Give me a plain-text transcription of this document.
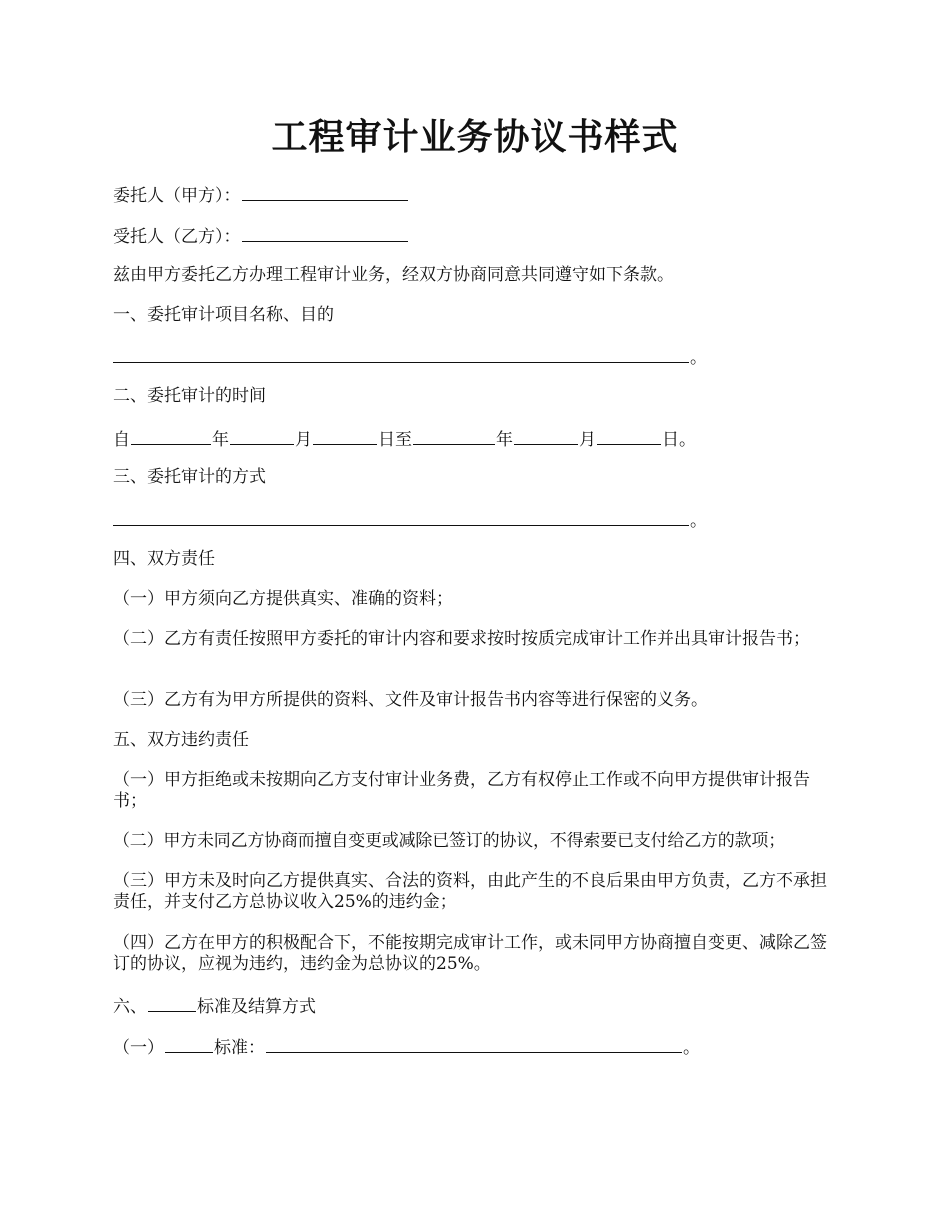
工程审计业务协议书样式
委托人（甲方）：
受托人（乙方）：
兹由甲方委托乙方办理工程审计业务，经双方协商同意共同遵守如下条款。
一、委托审计项目名称、目的
。
二、委托审计的时间
自	年	月	日至	年	月	日。
三、委托审计的方式
。
四、双方责任
（一）甲方须向乙方提供真实、准确的资料；
（二）乙方有责任按照甲方委托的审计内容和要求按时按质完成审计工作并出具审计报告书；
（三）乙方有为甲方所提供的资料、文件及审计报告书内容等进行保密的义务。
五、双方违约责任
（一）甲方拒绝或未按期向乙方支付审计业务费，乙方有权停止工作或不向甲方提供审计报告书；
（二）甲方未同乙方协商而擅自变更或减除已签订的协议，不得索要已支付给乙方的款项；
（三）甲方未及时向乙方提供真实、合法的资料，由此产生的不良后果由甲方负责，乙方不承担责任，并支付乙方总协议收入25%的违约金；
（四）乙方在甲方的积极配合下，不能按期完成审计工作，或未同甲方协商擅自变更、减除乙签订的协议，应视为违约，违约金为总协议的25%。
六、	标准及结算方式
（一）	标准：	。
